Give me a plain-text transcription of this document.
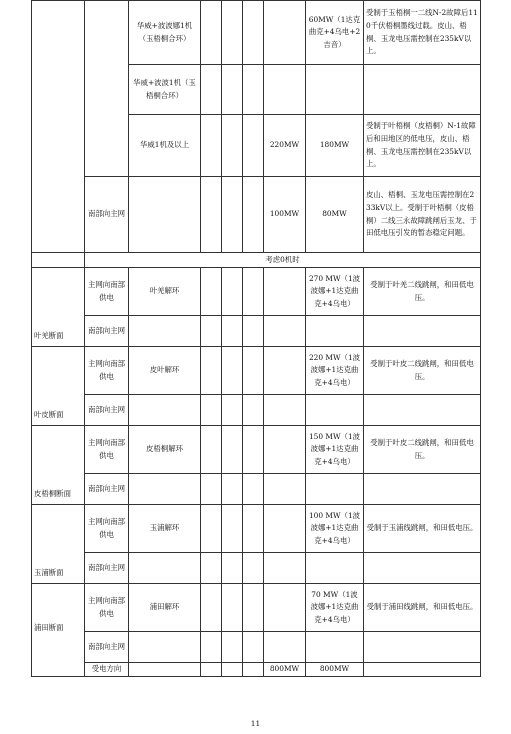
		华威+波波娜1机（玉梧桐合环）					60MW（1达克曲克+4乌电+2吉音）	受制于玉梧桐一二线N-2故障后110千伏梧桐墨线过载。皮山、梧桐、玉龙电压需控制在235kV以上。
		华威+波波1机（玉梧桐合环）						
		华威1机及以上				220MW	180MW	受制于叶梧桐（皮梧桐）N-1故障后和田地区的低电压，皮山、梧桐、玉龙电压需控制在235kV以上。
	南部向主网					100MW	80MW	皮山、梧桐、玉龙电压需控制在233kV以上。受制于叶梧桐（皮梧桐）二线三永故障跳闸后玉龙、于田低电压引发的暂态稳定问题。
	考虑0机时							
叶羌断面	主网向南部供电	叶羌解环					270 MW（1波波娜+1达克曲克+4乌电）	受制于叶羌二线跳闸，和田低电压。
	南部向主网							
叶皮断面	主网向南部供电	皮叶解环					220 MW（1波波娜+1达克曲克+4乌电）	受制于叶皮二线跳闸，和田低电压。
	南部向主网							
皮梧桐断面	主网向南部供电	皮梧桐解环					150 MW（1波波娜+1达克曲克+4乌电）	受制于叶皮二线跳闸，和田低电压。
	南部向主网							
玉浦断面	主网向南部供电	玉浦解环					100 MW（1波波娜+1达克曲克+4乌电）	受制于玉浦线跳闸，和田低电压。
	南部向主网							
浦田断面	主网向南部供电	浦田解环					70 MW（1波波娜+1达克曲克+4乌电）	受制于浦田线跳闸，和田低电压。
	南部向主网							
	受电方向					800MW	800MW	
11
